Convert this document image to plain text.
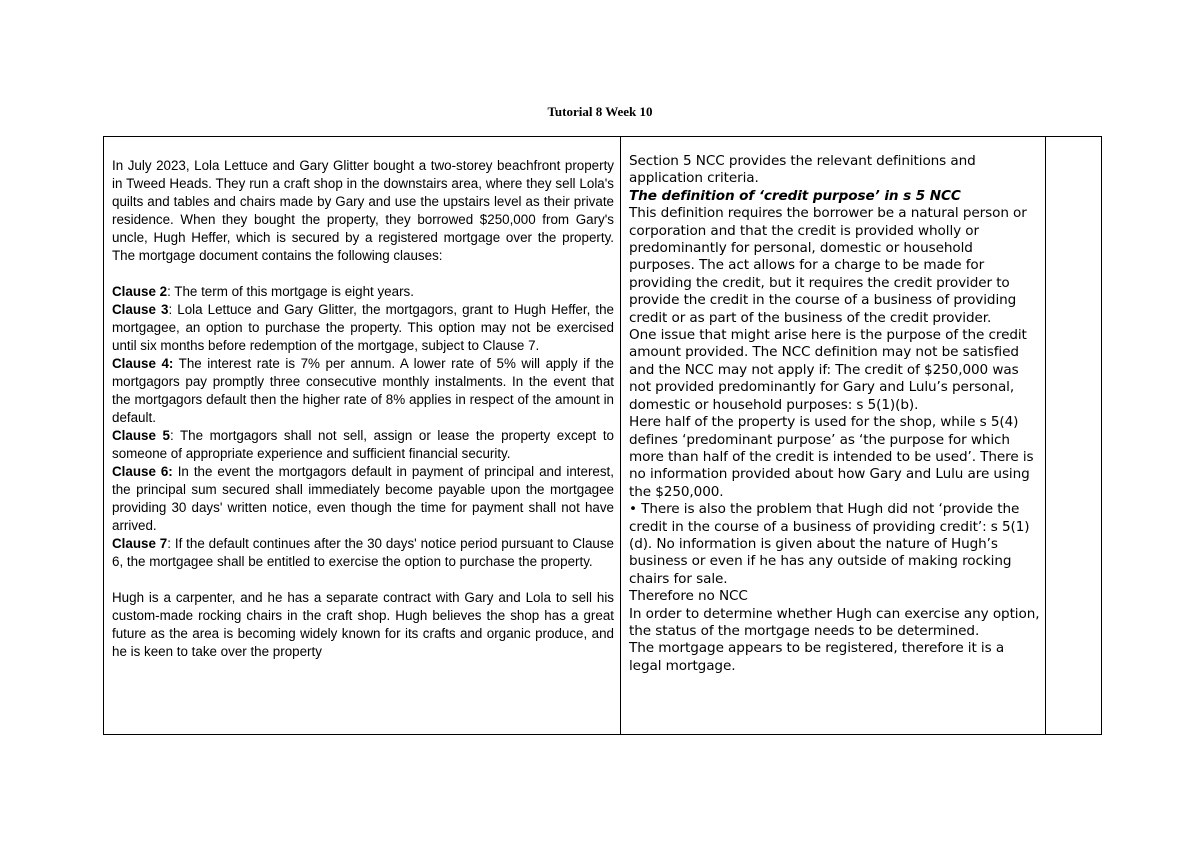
Tutorial 8 Week 10

In July 2023, Lola Lettuce and Gary Glitter bought a two-storey beachfront property in Tweed Heads. They run a craft shop in the downstairs area, where they sell Lola's quilts and tables and chairs made by Gary and use the upstairs level as their private residence. When they bought the property, they borrowed $250,000 from Gary's uncle, Hugh Heffer, which is secured by a registered mortgage over the property. The mortgage document contains the following clauses:

Clause 2: The term of this mortgage is eight years.

Clause 3: Lola Lettuce and Gary Glitter, the mortgagors, grant to Hugh Heffer, the mortgagee, an option to purchase the property. This option may not be exercised until six months before redemption of the mortgage, subject to Clause 7.

Clause 4: The interest rate is 7% per annum. A lower rate of 5% will apply if the mortgagors pay promptly three consecutive monthly instalments. In the event that the mortgagors default then the higher rate of 8% applies in respect of the amount in default.

Clause 5: The mortgagors shall not sell, assign or lease the property except to someone of appropriate experience and sufficient financial security.

Clause 6: In the event the mortgagors default in payment of principal and interest, the principal sum secured shall immediately become payable upon the mortgagee providing 30 days' written notice, even though the time for payment shall not have arrived.

Clause 7: If the default continues after the 30 days' notice period pursuant to Clause 6, the mortgagee shall be entitled to exercise the option to purchase the property.

Hugh is a carpenter, and he has a separate contract with Gary and Lola to sell his custom-made rocking chairs in the craft shop. Hugh believes the shop has a great future as the area is becoming widely known for its crafts and organic produce, and he is keen to take over the property

Section 5 NCC provides the relevant definitions and application criteria.

The definition of ‘credit purpose’ in s 5 NCC

This definition requires the borrower be a natural person or corporation and that the credit is provided wholly or predominantly for personal, domestic or household purposes. The act allows for a charge to be made for providing the credit, but it requires the credit provider to provide the credit in the course of a business of providing credit or as part of the business of the credit provider.

One issue that might arise here is the purpose of the credit amount provided. The NCC definition may not be satisfied and the NCC may not apply if: The credit of $250,000 was not provided predominantly for Gary and Lulu’s personal, domestic or household purposes: s 5(1)(b).

Here half of the property is used for the shop, while s 5(4) defines ‘predominant purpose’ as ‘the purpose for which more than half of the credit is intended to be used’. There is no information provided about how Gary and Lulu are using the $250,000.

• There is also the problem that Hugh did not ‘provide the credit in the course of a business of providing credit’: s 5(1)(d). No information is given about the nature of Hugh’s business or even if he has any outside of making rocking chairs for sale.

Therefore no NCC

In order to determine whether Hugh can exercise any option, the status of the mortgage needs to be determined.

The mortgage appears to be registered, therefore it is a legal mortgage.
